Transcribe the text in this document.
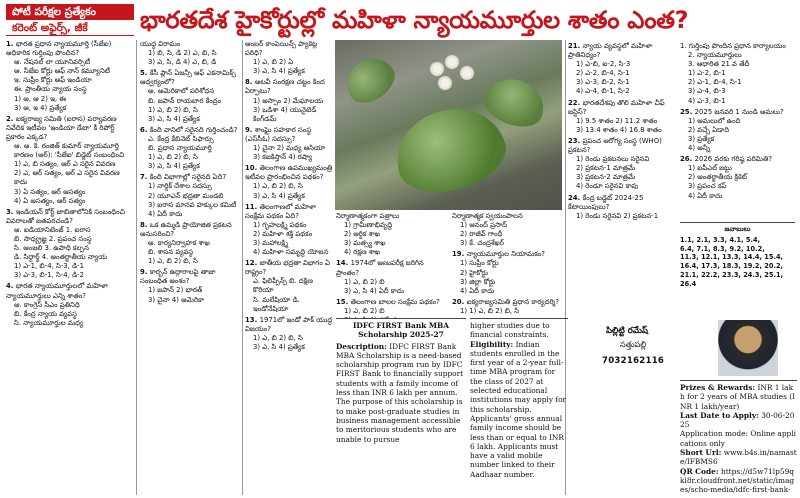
పోటీ పరీక్షల ప్రత్యేకం
కరెంట్ అఫైర్స్, జీకే	భారతదేశ హైకోర్టుల్లో మహిళా న్యాయమూర్తుల శాతం ఎంత?
1. భారత ప్రధాన న్యాయమూర్తి (సీజేఐ) అధికారిక గుర్తింపు పొందిన?
అ. నేషనల్ లా యూనివర్సిటీ
ఆ. సీజేఐ కోర్టు ఆఫ్ నాన్ కమ్యూనిటీ
ఇ. సుప్రీం కోర్టు ఆఫ్ ఇండియా
ఈ. ప్రాంతీయ న్యాయ సంస్థ
1) అ, ఆ 2) ఇ, ఈ
3) ఆ, ఇ 4) ప్రత్యేక
2. ఐక్యరాజ్య సమితి (ఐరాస) పర్యావరణ నివేదిక ఇటీవల 'ఇండియా డేటా' కీ రిపోర్ట్ ప్రకారం ఎక్కడ?
ఆ. అ. కె. రంజిత్ కుమార్ న్యాయమూర్తి
కారణం (ఆర్): 'సీజేఐ' బిడ్జెట్ సంబంధించి
1) ఎ, బి సత్యం, ఆర్ ఎ సరైన వివరణ
2) ఎ, ఆర్ సత్యం, ఆర్ ఎ సరైన వివరణ కాదు
3) ఏ సత్యం, ఆర్ అసత్యం
4) ఏ అసత్యం, ఆర్ సత్యం
3. ఇండియన్ కోర్ట్ జాబితాలోనికి సంబంధించి వివరాలతో జతపరచండి?
అ. ఐడియానిటెంజ్ 1. ఐరాస
బి. సాధ్య్రజ్ఞ 2. ప్రపంచ సంస్థ
సి. అంజలి 3. ఉపాధి కల్పన
డి. సిద్ధార్థ్ 4. అంతర్జాతీయ న్యాయ
1) ఎ-1, బి-4, సి-3, డి-1
3) ఎ-3, బి-1, సి-4, డి-2
4. భారత న్యాయమూర్తులలో మహిళా న్యాయమూర్తులు ఎన్ని శాతం?
అ. కాంగ్రెస్ సీఎం ప్రతినిధి
బి. కేంద్ర న్యాయ వ్యవస్థ
సి. న్యాయమూర్తుల మధ్య
యుద్ధ విరామం
1) బి, సి, డి 2) ఎ, బి, సి
3) ఎ, సి, డి 4) ఎ, బి, డి
5. కేసీ ప్లాన్ ఏజన్సీ ఆఫ్ ఎకనామిక్స్ ఆధ్వర్యంలో?
అ. అమెరికాలో పరిశోధన
బి. జపాన్ రాయబార కేంద్రం
1) ఎ, బి 2) బి, సి
3) ఎ, సి 4) ప్రత్యేక
6. కింది వానిలో సరైనది గుర్తించండి?
ఎ. కేంద్ర కేబినెట్ సిఫార్సు
బి. ప్రధాన న్యాయమూర్తి
1) ఎ, బి 2) బి, సి
3) ఎ, సి 4) ప్రత్యేక
7. కింది విభాగాల్లో సరైనది ఏది?
1) నార్డిక్ దేశాల సదస్సు
2) యూఎన్ భద్రతా మండలి
3) ఐరాస మానవ హక్కుల కమిటీ
4) ఏదీ కాదు
8. ఒక ఉమ్మడి ప్రాయోజిత ప్రకటన అనుసరించి?
అ. కార్యనిర్వాహక శాఖ
బి. శాసన వ్యవస్థ
1) ఎ, బి 2) బి, సి
9. కార్బన్ ఉద్గారాలపై తాజా సంబంధిత అంశం?
1) జపాన్ 2) భారత్
3) చైనా 4) అమెరికా
అంబర్ కాంపెయిన్స్ ప్యాకెట్ల పరిధి?
1) ఎ, బి 2) ఏ
3) ఎ, సి 4) ప్రత్యేక
8. అటవీ సంరక్షణ చట్టం కింద ఏర్పాటు?
1) అస్సాం 2) మేఘాలయ
3) ఒడిశా 4) యునైటెడ్ కింగ్‌డమ్
9. శాంఘై సహకార సంస్థ (ఎస్‌సీఓ) సదస్సు?
1) చైనా 2) మధ్య ఆసియా
3) కజకిస్తాన్ 4) రష్యా
10. తెలంగాణ ఉపముఖ్యమంత్రి ఇటీవల ప్రారంభించిన పథకం?
1) ఎ, బి 2) బి, సి
3) ఎ, సి 4) ప్రత్యేక
11. తెలంగాణలో మహిళా సంక్షేమ పథకం ఏది?
1) గృహలక్ష్మి పథకం
2) మహిళా శక్తి పథకం
3) మహాలక్ష్మి
4) మహిళా సమృద్ధి యోజన
12. జాతీయ భద్రతా విభాగం ఏ రాష్ట్రం?
ఎ. ఫిలిప్పీన్స్ బి. దక్షిణ కొరియా
సి. మలేషియా డి. ఇండోనేషియా
13. 1971లో ఇండో పాక్ యుద్ధ విజయం?
1) ఎ, బి 2) బి, సి
3) ఎ, సి 4) ప్రత్యేక
నిర్మాణాత్మకంగా పత్రాలు
1) గ్రామీణాభివృద్ధి
2) ఆర్థిక శాఖ
3) మత్స్య శాఖ
4) రక్షణ శాఖ
14. 1974లో అణుపరీక్ష జరిగిన ప్రాంతం?
1) ఎ, బి 2) బి
3) ఎ, సి 4) ఏదీ కాదు
15. తెలంగాణ బాలల సంక్షేమ పథకం?
1) ఎ, బి 2) బి
నిర్మాణాత్మక స్వయంపాలన
1) ఆనంద్ ప్రసాద్
2) రాజీవ్ గాంధీ
3) కే. చంద్రశేఖర్
19. న్యాయమూర్తుల నియామకం?
1) సుప్రీం కోర్టు
2) హైకోర్టు
3) జిల్లా కోర్టు
4) ఏదీ కాదు
20. ఐక్యరాజ్యసమితి ప్రధాన కార్యదర్శి?
1) 1) ఎ, బి 2) బి, సి
21. న్యాయ వ్యవస్థలో మహిళా ప్రాతినిధ్యం?
1) ఎ-బి, ఐ-2, సి-3
2) ఎ-2, బి-4, సి-1
3) ఎ-3, బి-2, సి-1
4) ఎ-4, బి-1, సి-2
22. భారతదేశపు తొలి మహిళా చీఫ్ జస్టిస్?
1) 9.5 శాతం 2) 11.2 శాతం
3) 13.4 శాతం 4) 16.8 శాతం
23. ప్రపంచ ఆరోగ్య సంస్థ (WHO) ప్రకటన?
1) రెండు ప్రకటనలు సరైనవి
2) ప్రకటన-1 మాత్రమే
3) ప్రకటన-2 మాత్రమే
4) రెండూ సరైనవి కావు
24. కేంద్ర బడ్జెట్ 2024-25 కేటాయింపులు?
1) రెండు సరైనవి 2) ప్రకటన-1
1. గుర్తింపు పొందిన ప్రధాన కార్యాలయం
2. న్యాయమూర్తులు
3. ఆధారిత 21 వ తేదీ
1) ఎ-2, బి-1
2) ఎ-1, బి-4, సి-1
3) ఎ-4, బి-3
4) ఎ-3, బి-1
25. 2025 జనవరి 1 నుండి అమలు?
1) అమలులో ఉంది
2) వచ్చే ఏడాది
3) ప్రత్యేక
4) అన్నీ
26. 2026 వరకు గరిష్ఠ పరిమితి?
1) ఐపీఎల్ జట్టు
2) అంతర్జాతీయ క్రికెట్
3) ప్రపంచ కప్
4) ఏదీ కాదు
జవాబులు
1.1, 2.1, 3.3, 4.1, 5.4,
6.4, 7.1, 8.3, 9.2, 10.2,
11.3, 12.1, 13.3, 14.4, 15.4,
16.4, 17.3, 18.3, 19.2, 20.2,
21.1, 22.2, 23.3, 24.3, 25.1,
26.4
పిల్లిట్టి రమేష్
సత్తుపల్లి
7032162116
IDFC FIRST Bank MBA Scholarship 2025-27
Description: IDFC FIRST Bank MBA Scholarship is a need-based scholarship program run by IDFC FIRST Bank to financially support students with a family income of less than INR 6 lakh per annum. The purpose of this scholarship is to make post-graduate studies in business management accessible to meritorious students who are unable to pursue
higher studies due to financial constraints.
Eligibility: Indian students enrolled in the first year of a 2-year full-time MBA program for the class of 2027 at selected educational institutions may apply for this scholarship. Applicants' gross annual family income should be less than or equal to INR 6 lakh. Applicants must have a valid mobile number linked to their Aadhaar number.
Prizes & Rewards: INR 1 lakh for 2 years of MBA studies (INR 1 lakh/year)
Last Date to Apply: 30-06-2025
Application mode: Online applications only
Short Url: www.b4s.in/namaste/IFBMS6
QR Code: https://d5w71lp59qkl8r.cloudfront.net/static/images/scho-media/idfc-first-bank-
